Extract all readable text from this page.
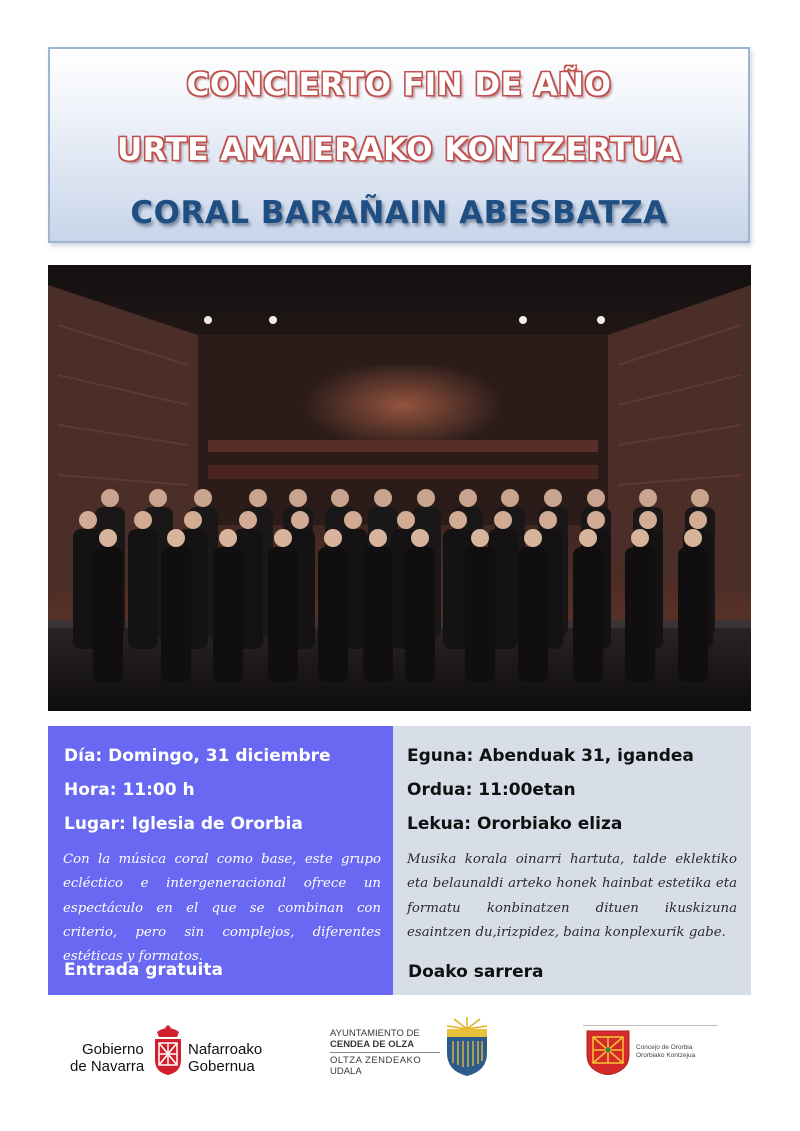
CONCIERTO FIN DE AÑO
URTE AMAIERAKO KONTZERTUA
CORAL BARAÑAIN ABESBATZA
Día: Domingo, 31 diciembre
Hora: 11:00 h
Lugar: Iglesia de Ororbia
Con la música coral como base, este grupo ecléctico e intergeneracional ofrece un espectáculo en el que se combinan con criterio, pero sin complejos, diferentes estéticas y formatos.
Entrada gratuita
Eguna: Abenduak 31, igandea
Ordua: 11:00etan
Lekua: Ororbiako eliza
Musika korala oinarri hartuta, talde eklektiko eta belaunaldi arteko honek hainbat estetika eta formatu konbinatzen dituen ikuskizuna esaintzen du,irizpidez, baina konplexurik gabe.
Doako sarrera
Gobierno
de Navarra
Nafarroako
Gobernua
AYUNTAMIENTO DE
CENDEA DE OLZA
OLTZA ZENDEAKO
UDALA
Concejo de Ororbia
Ororbiako Kontzejua
